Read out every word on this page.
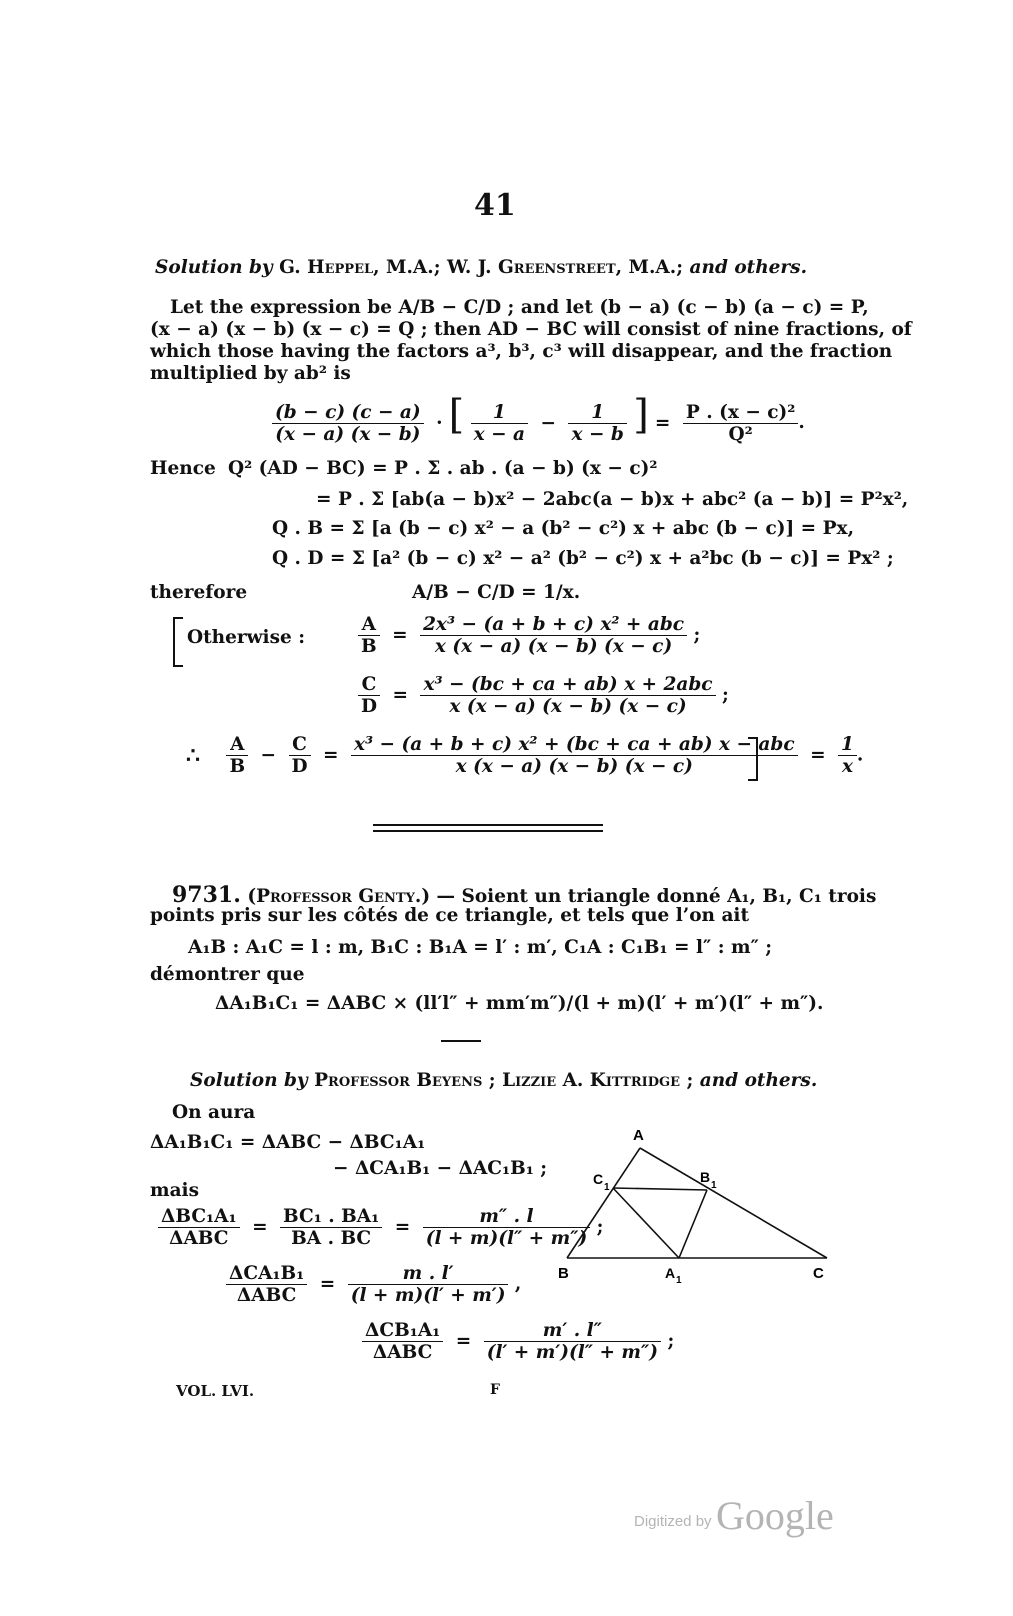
41
Solution by G. Heppel, M.A.; W. J. Greenstreet, M.A.; and others.
Let the expression be A/B − C/D ; and let (b − a) (c − b) (a − c) = P,
(x − a) (x − b) (x − c) = Q ; then AD − BC will consist of nine fractions, of
which those having the factors a³, b³, c³ will disappear, and the fraction
multiplied by ab² is
$\frac{(b - c) (c - a)}{(x - a) (x - b)}$ · [ $\frac{1}{x - a} - \frac{1}{x - b}$ ] = $\frac{\text{P . (x − c)²}}{\text{Q²}}$ .
Hence Q² (AD − BC) = P . Σ . ab . (a − b) (x − c)²
= P . Σ [ab(a − b)x² − 2abc(a − b)x + abc² (a − b)] = P²x²,
Q . B = Σ [a (b − c) x² − a (b² − c²) x + abc (b − c)] = Px,
Q . D = Σ [a² (b − c) x² − a² (b² − c²) x + a²bc (b − c)] = Px² ;
therefore	A/B − C/D = 1/x.
Otherwise :	$\frac{A}{B} = \frac{\text{2x³ − (a + b + c) x² + abc}}{x (x - a) (x - b) (x - c)}$ ;
$\frac{C}{D} = \frac{\text{x³ − (bc + ca + ab) x + 2abc}}{x (x - a) (x - b) (x - c)}$ ;
∴ $\frac{A}{B} - \frac{C}{D} = \frac{\text{x³ − (a + b + c) x² + (bc + ca + ab) x − abc}}{x (x - a) (x - b) (x - c)} = \frac{1}{x}$ .
9731. (Professor Genty.) — Soient un triangle donné A₁, B₁, C₁ trois
points pris sur les côtés de ce triangle, et tels que l’on ait
A₁B : A₁C = l : m, B₁C : B₁A = l′ : m′, C₁A : C₁B₁ = l″ : m″ ;
démontrer que
ΔA₁B₁C₁ = ΔABC × (ll′l″ + mm′m″)/(l + m)(l′ + m′)(l″ + m″).
Solution by Professor Beyens ; Lizzie A. Kittridge ; and others.
On aura
ΔA₁B₁C₁ = ΔABC − ΔBC₁A₁
− ΔCA₁B₁ − ΔAC₁B₁ ;
mais
$\frac{\text{ΔBC₁A₁}}{\text{ΔABC}} = \frac{\text{BC₁ . BA₁}}{BA . BC} = \frac{m'' . l}{(l + m)(l'' + m'')}$ ;
$\frac{\text{ΔCA₁B₁}}{\text{ΔABC}} = \frac{m . l'}{(l + m)(l' + m')}$ ,
$\frac{\text{ΔCB₁A₁}}{\text{ΔABC}} = \frac{m' . l''}{(l' + m')(l'' + m'')}$ ;
A
B	C
C
1
B
1
A 1
VOL. LVI.	F
Digitized by Google
